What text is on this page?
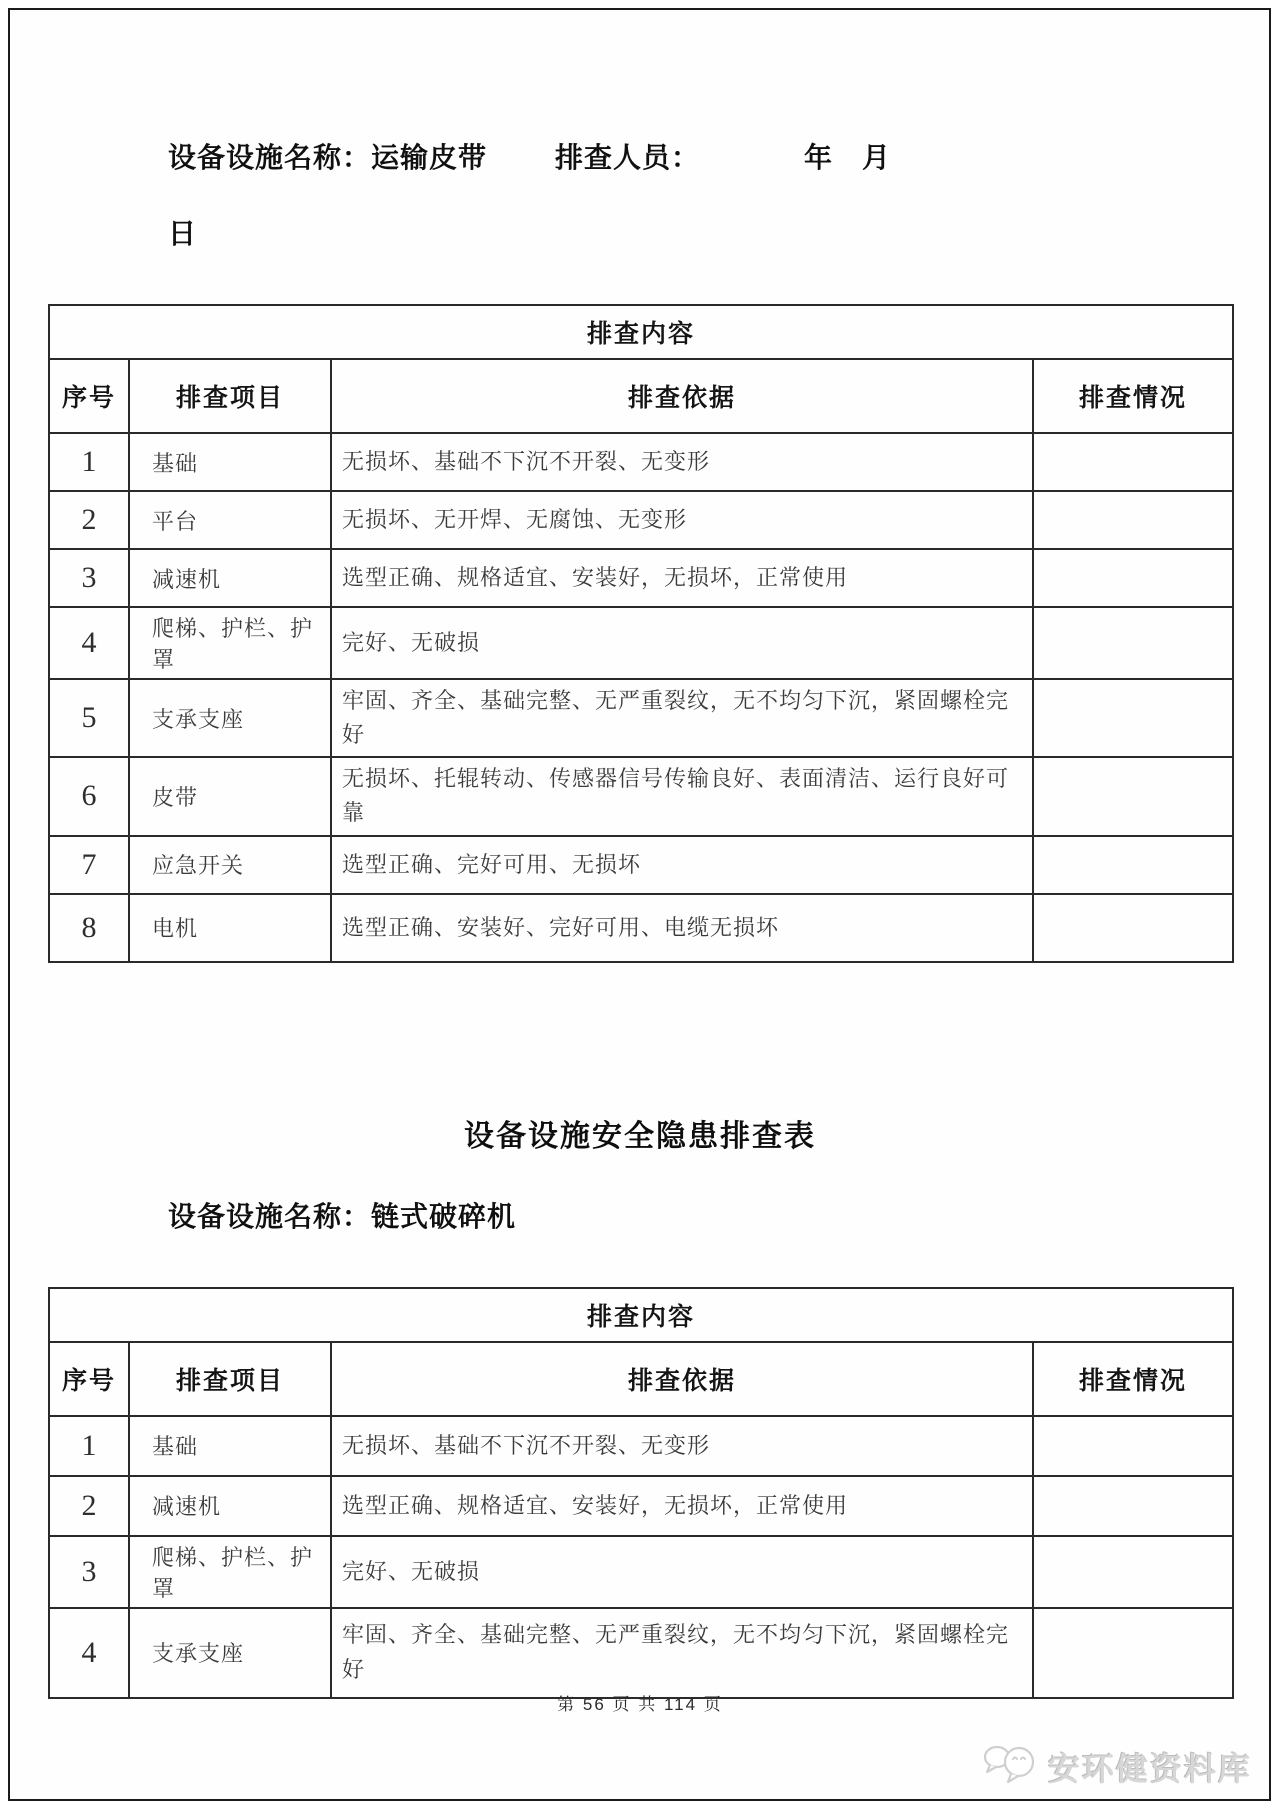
设备设施名称：运输皮带 排查人员：	年　月
日
排查内容			
序号	排查项目	排查依据	排查情况
1	基础	无损坏、基础不下沉不开裂、无变形	
2	平台	无损坏、无开焊、无腐蚀、无变形	
3	减速机	选型正确、规格适宜、安装好，无损坏，正常使用	
4	爬梯、护栏、护罩	完好、无破损	
5	支承支座	牢固、齐全、基础完整、无严重裂纹，无不均匀下沉，紧固螺栓完好	
6	皮带	无损坏、托辊转动、传感器信号传输良好、表面清洁、运行良好可靠	
7	应急开关	选型正确、完好可用、无损坏	
8	电机	选型正确、安装好、完好可用、电缆无损坏	
设备设施安全隐患排查表
设备设施名称：链式破碎机
排查内容			
序号	排查项目	排查依据	排查情况
1	基础	无损坏、基础不下沉不开裂、无变形	
2	减速机	选型正确、规格适宜、安装好，无损坏，正常使用	
3	爬梯、护栏、护罩	完好、无破损	
4	支承支座	牢固、齐全、基础完整、无严重裂纹，无不均匀下沉，紧固螺栓完好	
第 56 页 共 114 页
安环健资料库
